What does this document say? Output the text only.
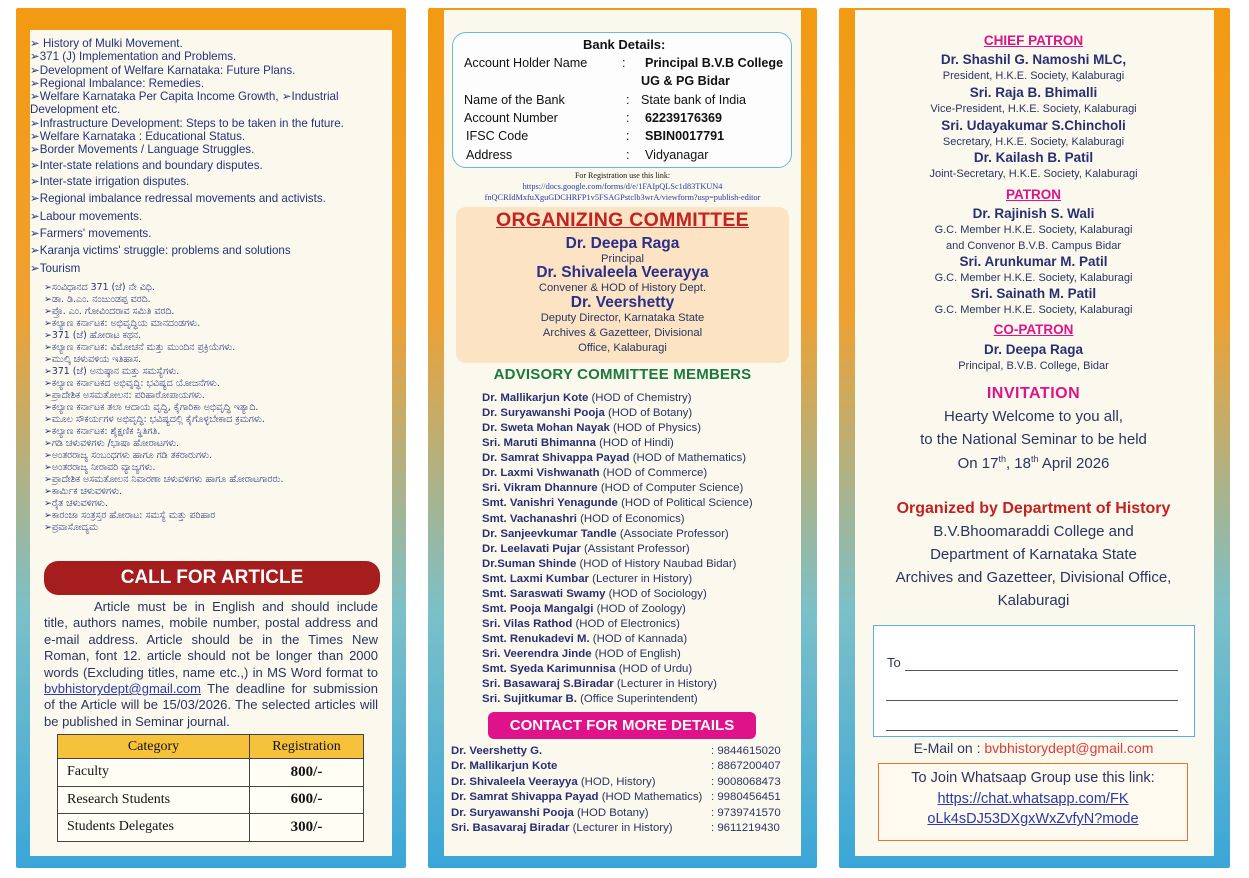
➢ History of Mulki Movement.
➢371 (J) Implementation and Problems.
➢Development of Welfare Karnataka: Future Plans.
➢Regional Imbalance: Remedies.
➢Welfare Karnataka Per Capita Income Growth, ➢Industrial Development etc.
➢Infrastructure Development: Steps to be taken in the future.
➢Welfare Karnataka : Educational Status.
➢Border Movements / Language Struggles.
➢Inter-state relations and boundary disputes.
➢Inter-state irrigation disputes.
➢Regional imbalance redressal movements and activists.
➢Labour movements.
➢Farmers' movements.
➢Karanja victims' struggle: problems and solutions
➢Tourism
➢ಸಂವಿಧಾನದ 371 (ಜೆ) ನೇ ವಿಧಿ.
➢ಡಾ. ಡಿ.ಎಂ. ನಂಜುಂಡಪ್ಪ ವರದಿ.
➢ಪ್ರೊ. ಎಂ. ಗೋವಿಂದರಾವ ಸಮಿತಿ ವರದಿ.
➢ಕಲ್ಯಾಣ ಕರ್ನಾಟಕ: ಅಭಿವೃದ್ಧಿಯ ಮಾನದಂಡಗಳು.
➢371 (ಜೆ) ಹೋರಾಟ ಕಥನ.
➢ಕಲ್ಯಾಣ ಕರ್ನಾಟಕ: ವಿಮೋಚನೆ ಮತ್ತು ಮುಂದಿನ ಪ್ರಕ್ರಿಯೆಗಳು.
➢ಮುಲ್ಕಿ ಚಳುವಳಿಯ ಇತಿಹಾಸ.
➢371 (ಜೆ) ಅನುಷ್ಠಾನ ಮತ್ತು ಸಮಸ್ಯೆಗಳು.
➢ಕಲ್ಯಾಣ ಕರ್ನಾಟಕದ ಅಭಿವೃದ್ಧಿ: ಭವಿಷ್ಯದ ಯೋಜನೆಗಳು.
➢ಪ್ರಾದೇಶಿಕ ಅಸಮತೋಲನ: ಪರಿಹಾರೋಪಾಯಗಳು.
➢ಕಲ್ಯಾಣ ಕರ್ನಾಟಕ ತಲಾ ಆದಾಯ ವೃದ್ಧಿ, ಕೈಗಾರಿಕಾ ಅಭಿವೃದ್ಧಿ ಇತ್ಯಾದಿ.
➢ಮೂಲ ಸೌಕರ್ಯಗಳ ಅಭಿವೃದ್ಧಿ: ಭವಿಷ್ಯದಲ್ಲಿ ಕೈಗೊಳ್ಳಬೇಕಾದ ಕ್ರಮಗಳು.
➢ಕಲ್ಯಾಣ ಕರ್ನಾಟಕ: ಶೈಕ್ಷಣಿಕ ಸ್ಥಿತಿಗತಿ.
➢ಗಡಿ ಚಳುವಳಿಗಳು /ಭಾಷಾ ಹೋರಾಟಗಳು.
➢ಅಂತರರಾಜ್ಯ ಸಂಬಂಧಗಳು ಹಾಗೂ ಗಡಿ ತಕರಾರುಗಳು.
➢ಅಂತರರಾಜ್ಯ ನೀರಾವರಿ ವ್ಯಾಜ್ಯಗಳು.
➢ಪ್ರಾದೇಶಿಕ ಅಸಮತೋಲನ ನಿವಾರಣಾ ಚಳುವಳಿಗಳು ಹಾಗೂ ಹೋರಾಟಗಾರರು.
➢ಕಾರ್ಮಿಕ ಚಳುವಳಿಗಳು.
➢ರೈತ ಚಳುವಳಿಗಳು.
➢ಕಾರಂಜಾ ಸಂತ್ರಸ್ತರ ಹೋರಾಟ: ಸಮಸ್ಯೆ ಮತ್ತು ಪರಿಹಾರ
➢ಪ್ರವಾಸೋದ್ಯಮ
CALL FOR ARTICLE
Article must be in English and should include title, authors names, mobile number, postal address and e-mail address. Article should be in the Times New Roman, font 12. article should not be longer than 2000 words (Excluding titles, name etc.,) in MS Word format to bvbhistorydept@gmail.com The deadline for submission of the Article will be 15/03/2026. The selected articles will be published in Seminar journal.
Category	Registration
Faculty	800/-
Research Students	600/-
Students Delegates	300/-
Bank Details:
Account Holder Name	: Principal B.V.B College
UG & PG Bidar
Name of the Bank	: State bank of India
Account Number	: 62239176369
IFSC Code	: SBIN0017791
Address	: Vidyanagar
For Registration use this link:
https://docs.google.com/forms/d/e/1FAIpQLSc1d83TKUN4
fnQCRIdMxfuXguGDCHRFP1v5FSAGPstclb3wrA/viewform?usp=publish-editor
ORGANIZING COMMITTEE
Dr. Deepa Raga
Principal
Dr. Shivaleela Veerayya
Convener & HOD of History Dept.
Dr. Veershetty
Deputy Director, Karnataka State
Archives & Gazetteer, Divisional
Office, Kalaburagi
ADVISORY COMMITTEE MEMBERS
Dr. Mallikarjun Kote (HOD of Chemistry)
Dr. Suryawanshi Pooja (HOD of Botany)
Dr. Sweta Mohan Nayak (HOD of Physics)
Sri. Maruti Bhimanna (HOD of Hindi)
Dr. Samrat Shivappa Payad (HOD of Mathematics)
Dr. Laxmi Vishwanath (HOD of Commerce)
Sri. Vikram Dhannure (HOD of Computer Science)
Smt. Vanishri Yenagunde (HOD of Political Science)
Smt. Vachanashri (HOD of Economics)
Dr. Sanjeevkumar Tandle (Associate Professor)
Dr. Leelavati Pujar (Assistant Professor)
Dr.Suman Shinde (HOD of History Naubad Bidar)
Smt. Laxmi Kumbar (Lecturer in History)
Smt. Saraswati Swamy (HOD of Sociology)
Smt. Pooja Mangalgi (HOD of Zoology)
Sri. Vilas Rathod (HOD of Electronics)
Smt. Renukadevi M. (HOD of Kannada)
Sri. Veerendra Jinde (HOD of English)
Smt. Syeda Karimunnisa (HOD of Urdu)
Sri. Basawaraj S.Biradar (Lecturer in History)
Sri. Sujitkumar B. (Office Superintendent)
CONTACT FOR MORE DETAILS
Dr. Veershetty G.	: 9844615020
Dr. Mallikarjun Kote	: 8867200407
Dr. Shivaleela Veerayya (HOD, History)	: 9008068473
Dr. Samrat Shivappa Payad (HOD Mathematics) : 9980456451
Dr. Suryawanshi Pooja (HOD Botany)	: 9739741570
Sri. Basavaraj Biradar (Lecturer in History)	: 9611219430
CHIEF PATRON
Dr. Shashil G. Namoshi MLC,
President, H.K.E. Society, Kalaburagi
Sri. Raja B. Bhimalli
Vice-President, H.K.E. Society, Kalaburagi
Sri. Udayakumar S.Chincholi
Secretary, H.K.E. Society, Kalaburagi
Dr. Kailash B. Patil
Joint-Secretary, H.K.E. Society, Kalaburagi
PATRON
Dr. Rajinish S. Wali
G.C. Member H.K.E. Society, Kalaburagi
and Convenor B.V.B. Campus Bidar
Sri. Arunkumar M. Patil
G.C. Member H.K.E. Society, Kalaburagi
Sri. Sainath M. Patil
G.C. Member H.K.E. Society, Kalaburagi
CO-PATRON
Dr. Deepa Raga
Principal, B.V.B. College, Bidar
INVITATION
Hearty Welcome to you all,
to the National Seminar to be held
On 17th, 18th April 2026
Organized by Department of History
B.V.Bhoomaraddi College and
Department of Karnataka State
Archives and Gazetteer, Divisional Office,
Kalaburagi
To
E-Mail on : bvbhistorydept@gmail.com
To Join Whatsaap Group use this link:
https://chat.whatsapp.com/FK
oLk4sDJ53DXgxWxZvfyN?mode
